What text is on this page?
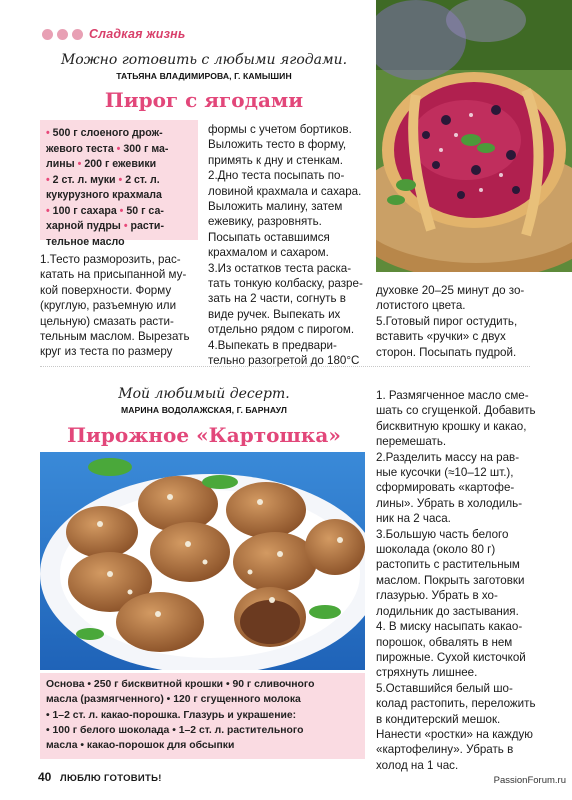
Сладкая жизнь
Можно готовить с любыми ягодами.
ТАТЬЯНА ВЛАДИМИРОВА, Г. КАМЫШИН
Пирог с ягодами
• 500 г слоеного дрож-
жевого теста • 300 г ма-
лины • 200 г ежевики
• 2 ст. л. муки • 2 ст. л.
кукурузного крахмала
• 100 г сахара • 50 г са-
харной пудры • расти-
тельное масло

1.Тесто разморозить, раскатать на присыпанной мукой поверхности. Форму (круглую, разъемную или цельную) смазать растительным маслом. Вырезать круг из теста по размеру

формы с учетом бортиков. Выложить тесто в форму, примять к дну и стенкам.

2.Дно теста посыпать половиной крахмала и сахара. Выложить малину, затем ежевику, разровнять. Посыпать оставшимся крахмалом и сахаром.

3.Из остатков теста раскатать тонкую колбаску, разрезать на 2 части, согнуть в виде ручек. Выпекать их отдельно рядом с пирогом.

4.Выпекать в предварительно разогретой до 180°C

духовке 20–25 минут до золотистого цвета.

5.Готовый пирог остудить, вставить «ручки» с двух сторон. Посыпать пудрой.

Мой любимый десерт.
МАРИНА ВОДОЛАЖСКАЯ, Г. БАРНАУЛ
Пирожное «Картошка»
Основа • 250 г бисквитной крошки • 90 г сливочного
масла (размягченного) • 120 г сгущенного молока
• 1–2 ст. л. какао-порошка. Глазурь и украшение:
• 100 г белого шоколада • 1–2 ст. л. растительного
масла • какао-порошок для обсыпки

1. Размягченное масло смешать со сгущенкой. Добавить бисквитную крошку и какао, перемешать.

2.Разделить массу на равные кусочки (≈10–12 шт.), сформировать «картофелины». Убрать в холодильник на 2 часа.

3.Большую часть белого шоколада (около 80 г) растопить с растительным маслом. Покрыть заготовки глазурью. Убрать в холодильник до застывания.

4. В миску насыпать какао-порошок, обвалять в нем пирожные. Сухой кисточкой стряхнуть лишнее.

5.Оставшийся белый шоколад растопить, переложить в кондитерский мешок. Нанести «ростки» на каждую «картофелину». Убрать в холод на 1 час.

40 ЛЮБЛЮ ГОТОВИТЬ!	PassionForum.ru
